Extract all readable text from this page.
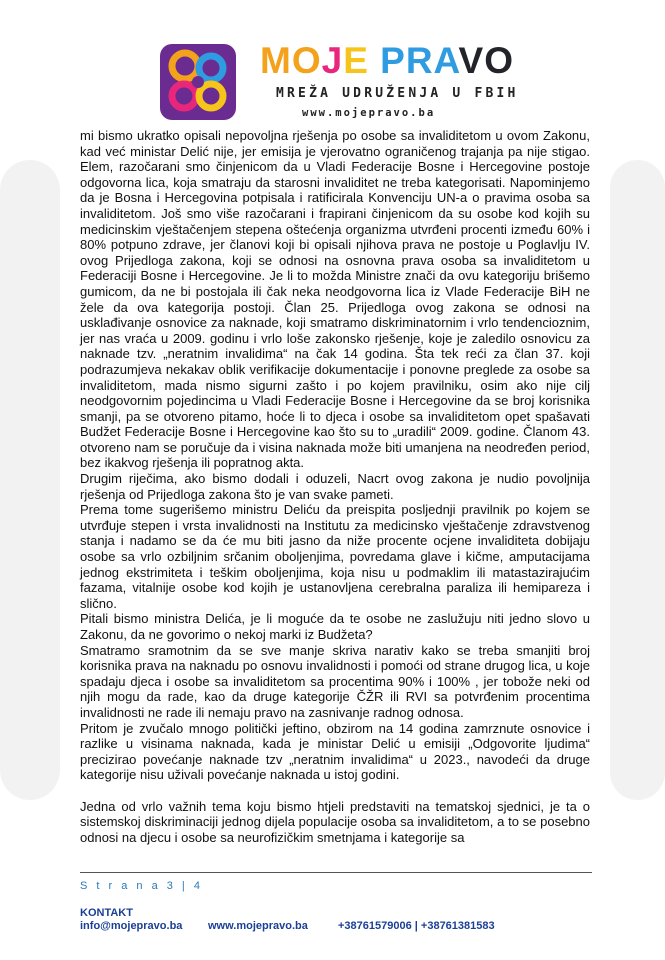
MOJE PRAVO
MREŽA UDRUŽENJA U FBIH
www.mojepravo.ba

mi bismo ukratko opisali nepovoljna rješenja po osobe sa invaliditetom u ovom Zakonu, kad već ministar Delić nije, jer emisija je vjerovatno ograničenog trajanja pa nije stigao. Elem, razočarani smo činjenicom da u Vladi Federacije Bosne i Hercegovine postoje odgovorna lica, koja smatraju da starosni invaliditet ne treba kategorisati. Napominjemo da je Bosna i Hercegovina potpisala i ratificirala Konvenciju UN-a o pravima osoba sa invaliditetom. Još smo više razočarani i frapirani činjenicom da su osobe kod kojih su medicinskim vještačenjem stepena oštećenja organizma utvrđeni procenti između 60% i 80% potpuno zdrave, jer članovi koji bi opisali njihova prava ne postoje u Poglavlju IV. ovog Prijedloga zakona, koji se odnosi na osnovna prava osoba sa invaliditetom u Federaciji Bosne i Hercegovine. Je li to možda Ministre znači da ovu kategoriju brišemo gumicom, da ne bi postojala ili čak neka neodgovorna lica iz Vlade Federacije BiH ne žele da ova kategorija postoji. Član 25. Prijedloga ovog zakona se odnosi na usklađivanje osnovice za naknade, koji smatramo diskriminatornim i vrlo tendencioznim, jer nas vraća u 2009. godinu i vrlo loše zakonsko rješenje, koje je zaledilo osnovicu za naknade tzv. „neratnim invalidima“ na čak 14 godina. Šta tek reći za član 37. koji podrazumjeva nekakav oblik verifikacije dokumentacije i ponovne preglede za osobe sa invaliditetom, mada nismo sigurni zašto i po kojem pravilniku, osim ako nije cilj neodgovornim pojedincima u Vladi Federacije Bosne i Hercegovine da se broj korisnika smanji, pa se otvoreno pitamo, hoće li to djeca i osobe sa invaliditetom opet spašavati Budžet Federacije Bosne i Hercegovine kao što su to „uradili“ 2009. godine. Članom 43. otvoreno nam se poručuje da i visina naknada može biti umanjena na neodređen period, bez ikakvog rješenja ili popratnog akta.

Drugim riječima, ako bismo dodali i oduzeli, Nacrt ovog zakona je nudio povoljnija rješenja od Prijedloga zakona što je van svake pameti.

Prema tome sugerišemo ministru Deliću da preispita posljednji pravilnik po kojem se utvrđuje stepen i vrsta invalidnosti na Institutu za medicinsko vještačenje zdravstvenog stanja i nadamo se da će mu biti jasno da niže procente ocjene invaliditeta dobijaju osobe sa vrlo ozbiljnim srčanim oboljenjima, povredama glave i kičme, amputacijama jednog ekstrimiteta i teškim oboljenjima, koja nisu u podmaklim ili matastazirajućim fazama, vitalnije osobe kod kojih je ustanovljena cerebralna paraliza ili hemipareza i slično.

Pitali bismo ministra Delića, je li moguće da te osobe ne zaslužuju niti jedno slovo u Zakonu, da ne govorimo o nekoj marki iz Budžeta?

Smatramo sramotnim da se sve manje skriva narativ kako se treba smanjiti broj korisnika prava na naknadu po osnovu invalidnosti i pomoći od strane drugog lica, u koje spadaju djeca i osobe sa invaliditetom sa procentima 90% i 100% , jer tobože neki od njih mogu da rade, kao da druge kategorije ČŽR ili RVI sa potvrđenim procentima invalidnosti ne rade ili nemaju pravo na zasnivanje radnog odnosa.

Pritom je zvučalo mnogo politički jeftino, obzirom na 14 godina zamrznute osnovice i razlike u visinama naknada, kada je ministar Delić u emisiji „Odgovorite ljudima“ precizirao povećanje naknade tzv „neratnim invalidima“ u 2023., navodeći da druge kategorije nisu uživali povećanje naknada u istoj godini.

Jedna od vrlo važnih tema koju bismo htjeli predstaviti na tematskoj sjednici, je ta o sistemskoj diskriminaciji jednog dijela populacije osoba sa invaliditetom, a to se posebno odnosi na djecu i osobe sa neurofizičkim smetnjama i kategorije sa

S t r a n a 3 | 4
KONTAKT
info@mojepravo.ba www.mojepravo.ba	+38761579006 | +38761381583
